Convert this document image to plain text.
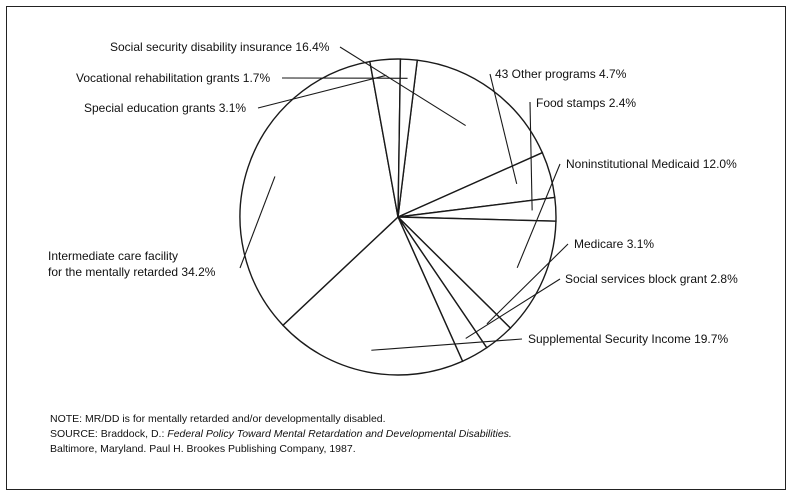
Social security disability insurance 16.4%
Vocational rehabilitation grants 1.7%
Special education grants 3.1%
43 Other programs 4.7%
Food stamps 2.4%
Noninstitutional Medicaid 12.0%
Medicare 3.1%
Social services block grant 2.8%
Supplemental Security Income 19.7%
Intermediate care facility
for the mentally retarded 34.2%
NOTE: MR/DD is for mentally retarded and/or developmentally disabled.
SOURCE: Braddock, D.: Federal Policy Toward Mental Retardation and Developmental Disabilities.
Baltimore, Maryland. Paul H. Brookes Publishing Company, 1987.
